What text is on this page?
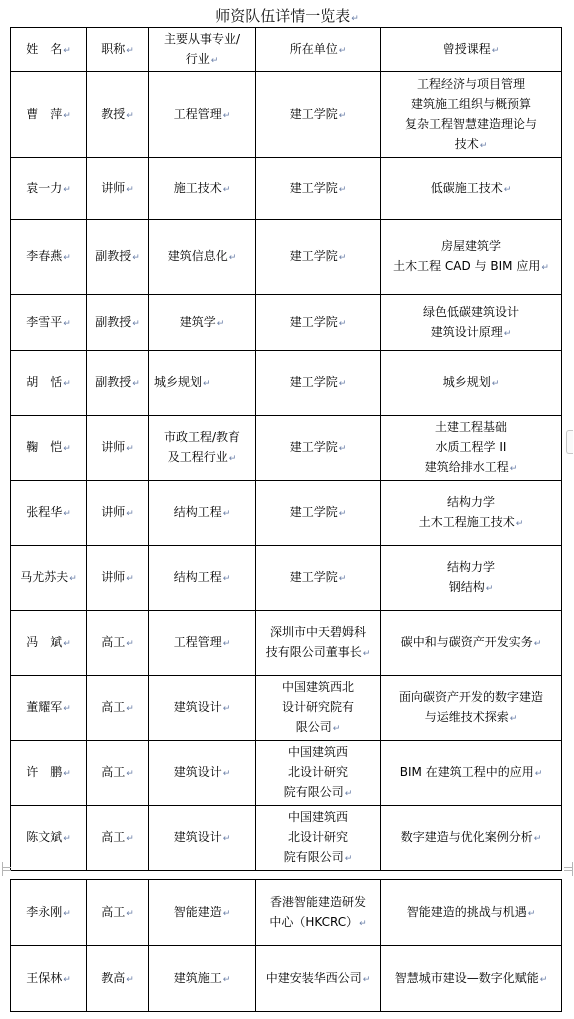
师资队伍详情一览表 ↵
姓　名 ↵	职称 ↵	主要从事专业/
行业 ↵	所在单位 ↵	曾授课程 ↵
曹　萍 ↵	教授 ↵	工程管理 ↵	建工学院 ↵	工程经济与项目管理
建筑施工组织与概预算
复杂工程智慧建造理论与
技术 ↵

袁一力 ↵	讲师 ↵	施工技术 ↵	建工学院 ↵	低碳施工技术 ↵

李春燕 ↵	副教授 ↵	建筑信息化 ↵	建工学院 ↵	房屋建筑学
土木工程 CAD 与 BIM 应用 ↵

李雪平 ↵	副教授 ↵	建筑学 ↵	建工学院 ↵	绿色低碳建筑设计
建筑设计原理 ↵

胡　恬 ↵	副教授 ↵	城乡规划 ↵	建工学院 ↵	城乡规划 ↵

鞠　恺 ↵	讲师 ↵	市政工程/教育
及工程行业 ↵	建工学院 ↵	土建工程基础
水质工程学 II
建筑给排水工程 ↵

张程华 ↵	讲师 ↵	结构工程 ↵	建工学院 ↵	结构力学
土木工程施工技术 ↵

马尤苏夫 ↵	讲师 ↵	结构工程 ↵	建工学院 ↵	结构力学
钢结构 ↵

冯　斌 ↵	高工 ↵	工程管理 ↵	深圳市中天碧姆科
技有限公司董事长 ↵	碳中和与碳资产开发实务 ↵

董耀军 ↵	高工 ↵	建筑设计 ↵	中国建筑西北
设计研究院有
限公司 ↵	面向碳资产开发的数字建造
与运维技术探索 ↵

许　鹏 ↵	高工 ↵	建筑设计 ↵	中国建筑西
北设计研究
院有限公司 ↵	BIM 在建筑工程中的应用 ↵

陈文斌 ↵	高工 ↵	建筑设计 ↵	中国建筑西
北设计研究
院有限公司 ↵	数字建造与优化案例分析 ↵
李永刚 ↵	高工 ↵	智能建造 ↵	香港智能建造研发
中心（HKCRC） ↵	智能建造的挑战与机遇 ↵

王保林 ↵	教高 ↵	建筑施工 ↵	中建安装华西公司 ↵	智慧城市建设—数字化赋能 ↵
